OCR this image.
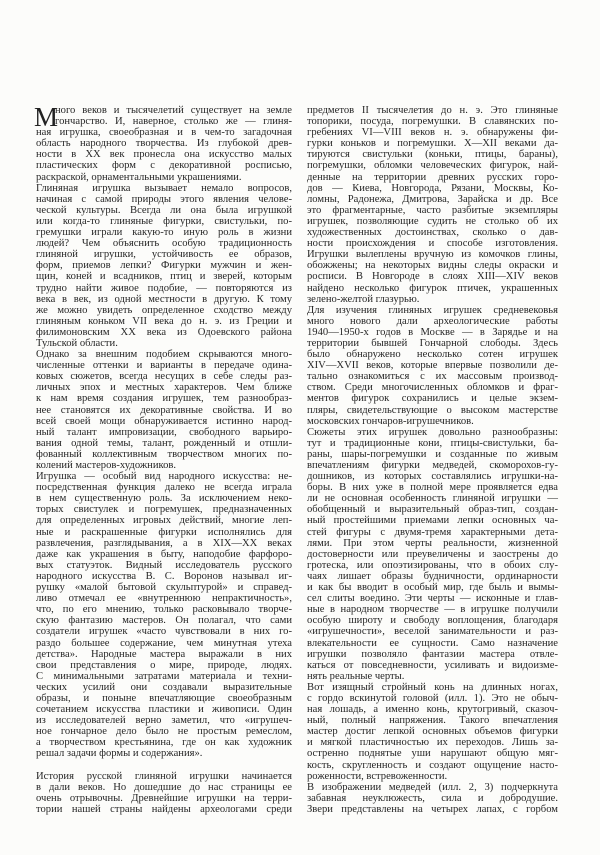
М
ного веков и тысячелетий существует на земле
гончарство. И, наверное, столько же — глиня-
ная игрушка, своеобразная и в чем-то загадочная
область народного творчества. Из глубокой древ-
ности в XX век пронесла она искусство малых
пластических форм с декоративной росписью,
раскраской, орнаментальными украшениями.
Глиняная игрушка вызывает немало вопросов,
начиная с самой природы этого явления челове-
ческой культуры. Всегда ли она была игрушкой
или когда-то глиняные фигурки, свистульки, по-
гремушки играли какую-то иную роль в жизни
людей? Чем объяснить особую традиционность
глиняной игрушки, устойчивость ее образов,
форм, приемов лепки? Фигурки мужчин и жен-
щин, коней и всадников, птиц и зверей, которым
трудно найти живое подобие, — повторяются из
века в век, из одной местности в другую. К тому
же можно увидеть определенное сходство между
глиняным коньком VII века до н. э. из Греции и
филимоновским XX века из Одоевского района
Тульской области.
Однако за внешним подобием скрываются много-
численные оттенки и варианты в передаче одина-
ковых сюжетов, всегда несущих в себе следы раз-
личных эпох и местных характеров. Чем ближе
к нам время создания игрушек, тем разнообраз-
нее становятся их декоративные свойства. И во
всей своей мощи обнаруживается истинно народ-
ный талант импровизации, свободного варьиро-
вания одной темы, талант, рожденный и отшли-
фованный коллективным творчеством многих по-
колений мастеров-художников.
Игрушка — особый вид народного искусства: не-
посредственная функция далеко не всегда играла
в нем существенную роль. За исключением неко-
торых свистулек и погремушек, предназначенных
для определенных игровых действий, многие леп-
ные и раскрашенные фигурки исполнялись для
развлечения, разглядывания, а в XIX—XX веках
даже как украшения в быту, наподобие фарфоро-
вых статуэток. Видный исследователь русского
народного искусства В. С. Воронов называл иг-
рушку «малой бытовой скульптурой» и справед-
ливо отмечал ее «внутреннюю непрактичность»,
что, по его мнению, только расковывало творче-
скую фантазию мастеров. Он полагал, что сами
создатели игрушек «часто чувствовали в них го-
раздо большее содержание, чем минутная утеха
детства». Народные мастера выражали в них
свои представления о мире, природе, людях.
С минимальными затратами материала и техни-
ческих усилий они создавали выразительные
образы, и поныне впечатляющие своеобразным
сочетанием искусства пластики и живописи. Один
из исследователей верно заметил, что «игрушеч-
ное гончарное дело было не простым ремеслом,
а творчеством крестьянина, где он как художник
решал задачи формы и содержания».
История русской глиняной игрушки начинается
в дали веков. Но дошедшие до нас страницы ее
очень отрывочны. Древнейшие игрушки на терри-
тории нашей страны найдены археологами среди
предметов II тысячелетия до н. э. Это глиняные
топорики, посуда, погремушки. В славянских по-
гребениях VI—VIII веков н. э. обнаружены фи-
гурки коньков и погремушки. X—XII веками да-
тируются свистульки (коньки, птицы, бараны),
погремушки, обломки человеческих фигурок, най-
денные на территории древних русских горо-
дов — Киева, Новгорода, Рязани, Москвы, Ко-
ломны, Радонежа, Дмитрова, Зарайска и др. Все
это фрагментарные, часто разбитые экземпляры
игрушек, позволяющие судить не столько об их
художественных достоинствах, сколько о дав-
ности происхождения и способе изготовления.
Игрушки вылеплены вручную из комочков глины,
обожжены; на некоторых видны следы окраски и
росписи. В Новгороде в слоях XIII—XIV веков
найдено несколько фигурок птичек, украшенных
зелено-желтой глазурью.
Для изучения глиняных игрушек средневековья
много нового дали археологические работы
1940—1950-х годов в Москве — в Зарядье и на
территории бывшей Гончарной слободы. Здесь
было обнаружено несколько сотен игрушек
XIV—XVII веков, которые впервые позволили де-
тально ознакомиться с их массовым производ-
ством. Среди многочисленных обломков и фраг-
ментов фигурок сохранились и целые экзем-
пляры, свидетельствующие о высоком мастерстве
московских гончаров-игрушечников.
Сюжеты этих игрушек довольно разнообразны:
тут и традиционные кони, птицы-свистульки, ба-
раны, шары-погремушки и созданные по живым
впечатлениям фигурки медведей, скоморохов-гу-
дошников, из которых составлялись игрушки-на-
боры. В них уже в полной мере проявляется едва
ли не основная особенность глиняной игрушки —
обобщенный и выразительный образ-тип, создан-
ный простейшими приемами лепки основных ча-
стей фигуры с двумя-тремя характерными дета-
лями. При этом черты реальности, жизненной
достоверности или преувеличены и заострены до
гротеска, или опоэтизированы, что в обоих слу-
чаях лишает образы будничности, ординарности
и как бы вводит в особый мир, где быль и вымы-
сел слиты воедино. Эти черты — исконные и глав-
ные в народном творчестве — в игрушке получили
особую широту и свободу воплощения, благодаря
«игрушечности», веселой занимательности и раз-
влекательности ее сущности. Само назначение
игрушки позволяло фантазии мастера отвле-
каться от повседневности, усиливать и видоизме-
нять реальные черты.
Вот изящный стройный конь на длинных ногах,
с гордо вскинутой головой (илл. 1). Это не обыч-
ная лошадь, а именно конь, крутогривый, сказоч-
ный, полный напряжения. Такого впечатления
мастер достиг лепкой основных объемов фигурки
и мягкой пластичностью их переходов. Лишь за-
остренно поднятые уши нарушают общую мяг-
кость, скругленность и создают ощущение насто-
роженности, встревоженности.
В изображении медведей (илл. 2, 3) подчеркнута
забавная неуклюжесть, сила и добродушие.
Звери представлены на четырех лапах, с горбом
